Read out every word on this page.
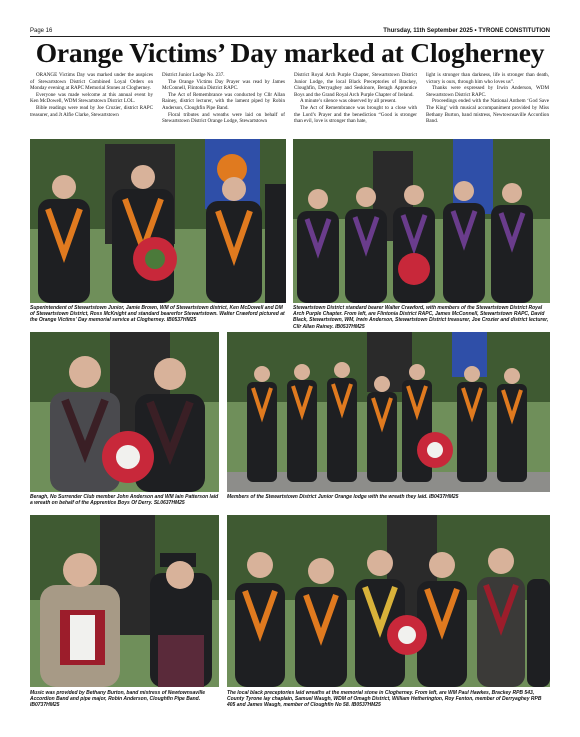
Page 16	Thursday, 11th September 2025 • TYRONE CONSTITUTION
Orange Victims’ Day marked at Clogherney

ORANGE Victims Day was marked under the auspices of Stewartstown District Combined Loyal Orders on Monday evening at RAPC Memorial Stones at Clogherney.

Everyone was made welcome at this annual event by Ken McDowell, WDM Stewartstown District LOL.

Bible readings were read by Joe Crozier, district RAPC treasurer, and Jt Alfie Clarke, Stewartstown

District Junior Lodge No. 237.

The Orange Victims Day Prayer was read by James McConnell, Flintonia District RAPC.

The Act of Remembrance was conducted by Cllr Allan Rainey, district lecturer, with the lament piped by Robin Anderson, Cloughfin Pipe Band.

Floral tributes and wreaths were laid on behalf of Stewartstown District Orange Lodge, Stewartstown

District Royal Arch Purple Chapter, Stewartstown District Junior Lodge, the local Black Preceptories of Brackey, Cloughfin, Derryaghey and Seskinore, Beragh Apprentice Boys and the Grand Royal Arch Purple Chapter of Ireland.

A minute’s silence was observed by all present.

The Act of Remembrance was brought to a close with the Lord’s Prayer and the benediction “Good is stronger than evil, love is stronger than hate,

light is stronger than darkness, life is stronger than death, victory is ours, through him who loves us”.

Thanks were expressed by Irwin Anderson, WDM Stewartstown District RAPC.

Proceedings ended with the National Anthem ‘God Save The King’ with musical accompaniment provided by Miss Bethany Burton, band mistress, Newtownsaville Accordion Band.

Superintendent of Stewartstown Junior, Jamie Brown, WM of Stewartstown district, Ken McDowell and DM of Stewartstown District, Ross McKnight and standard bearerfor Stewartstown. Walter Crawford pictured at the Orange Victims’ Day memorial service at Clogherney. IB0537HM25
Stewartstown District standard bearer Walter Crawford, with members of the Stewartstown District Royal Arch Purple Chapter. From left, are Flintonia District RAPC, James McConnell, Stewartstown RAPC, David Black, Stewartstown, WM, Irwin Anderson, Stewartstown District treasurer, Joe Crozier and district lecturer, Cllr Allan Rainey. IB0537HM25
Beragh, No Surrender Club member John Anderson and WM Iain Patterson laid a wreath on behalf of the Apprentice Boys Of Derry. SL0637HM25
Members of the Stewartstown District Junior Orange lodge with the wreath they laid. IB0437HM25
Music was provided by Bethany Burton, band mistress of Newtownsaville Accordion Band and pipe major, Robin Anderson, Cloughfin Pipe Band. IB0737HM25
The local black preceptories laid wreaths at the memorial stone in Clogherney. From left, are WM Paul Hawkes, Brackey RPB 543, County Tyrone lay chaplain, Samuel Waugh, WDM of Omagh District, William Hetherington, Roy Fenton, member of Derryaghey RPB 405 and James Waugh, member of Cloughfin No 58. IB0537HM25
